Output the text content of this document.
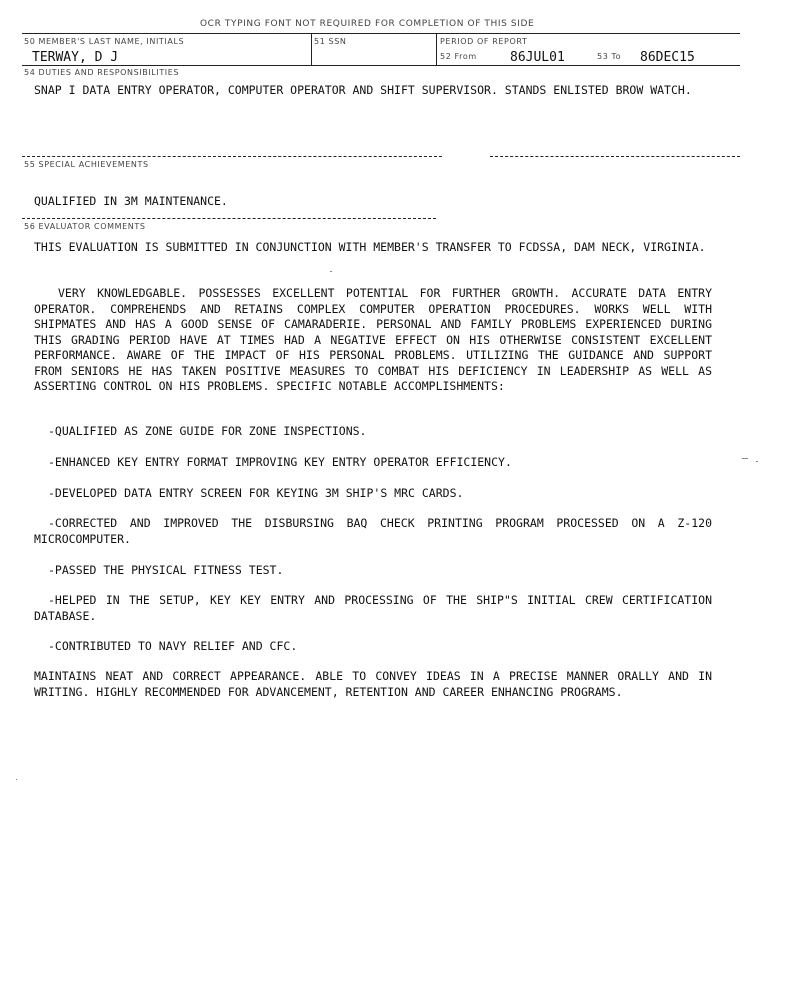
OCR TYPING FONT NOT REQUIRED FOR COMPLETION OF THIS SIDE
50 MEMBER'S LAST NAME, INITIALS
TERWAY, D J
51 SSN	PERIOD OF REPORT
52 From	86JUL01	53 To 86DEC15
54 DUTIES AND RESPONSIBILITIES
SNAP I DATA ENTRY OPERATOR, COMPUTER OPERATOR AND SHIFT SUPERVISOR. STANDS ENLISTED BROW WATCH.
55 SPECIAL ACHIEVEMENTS
QUALIFIED IN 3M MAINTENANCE.
56 EVALUATOR COMMENTS
THIS EVALUATION IS SUBMITTED IN CONJUNCTION WITH MEMBER'S TRANSFER TO FCDSSA, DAM NECK, VIRGINIA.
VERY KNOWLEDGABLE. POSSESSES EXCELLENT POTENTIAL FOR FURTHER GROWTH. ACCURATE DATA ENTRY OPERATOR. COMPREHENDS AND RETAINS COMPLEX COMPUTER OPERATION PROCEDURES. WORKS WELL WITH SHIPMATES AND HAS A GOOD SENSE OF CAMARADERIE. PERSONAL AND FAMILY PROBLEMS EXPERIENCED DURING THIS GRADING PERIOD HAVE AT TIMES HAD A NEGATIVE EFFECT ON HIS OTHERWISE CONSISTENT EXCELLENT PERFORMANCE. AWARE OF THE IMPACT OF HIS PERSONAL PROBLEMS. UTILIZING THE GUIDANCE AND SUPPORT FROM SENIORS HE HAS TAKEN POSITIVE MEASURES TO COMBAT HIS DEFICIENCY IN LEADERSHIP AS WELL AS ASSERTING CONTROL ON HIS PROBLEMS. SPECIFIC NOTABLE ACCOMPLISHMENTS:
-QUALIFIED AS ZONE GUIDE FOR ZONE INSPECTIONS.
-ENHANCED KEY ENTRY FORMAT IMPROVING KEY ENTRY OPERATOR EFFICIENCY.
-DEVELOPED DATA ENTRY SCREEN FOR KEYING 3M SHIP'S MRC CARDS.
-CORRECTED AND IMPROVED THE DISBURSING BAQ CHECK PRINTING PROGRAM PROCESSED ON A Z-120 MICROCOMPUTER.
-PASSED THE PHYSICAL FITNESS TEST.
-HELPED IN THE SETUP, KEY KEY ENTRY AND PROCESSING OF THE SHIP"S INITIAL CREW CERTIFICATION DATABASE.
-CONTRIBUTED TO NAVY RELIEF AND CFC.
MAINTAINS NEAT AND CORRECT APPEARANCE. ABLE TO CONVEY IDEAS IN A PRECISE MANNER ORALLY AND IN WRITING. HIGHLY RECOMMENDED FOR ADVANCEMENT, RETENTION AND CAREER ENHANCING PROGRAMS.
